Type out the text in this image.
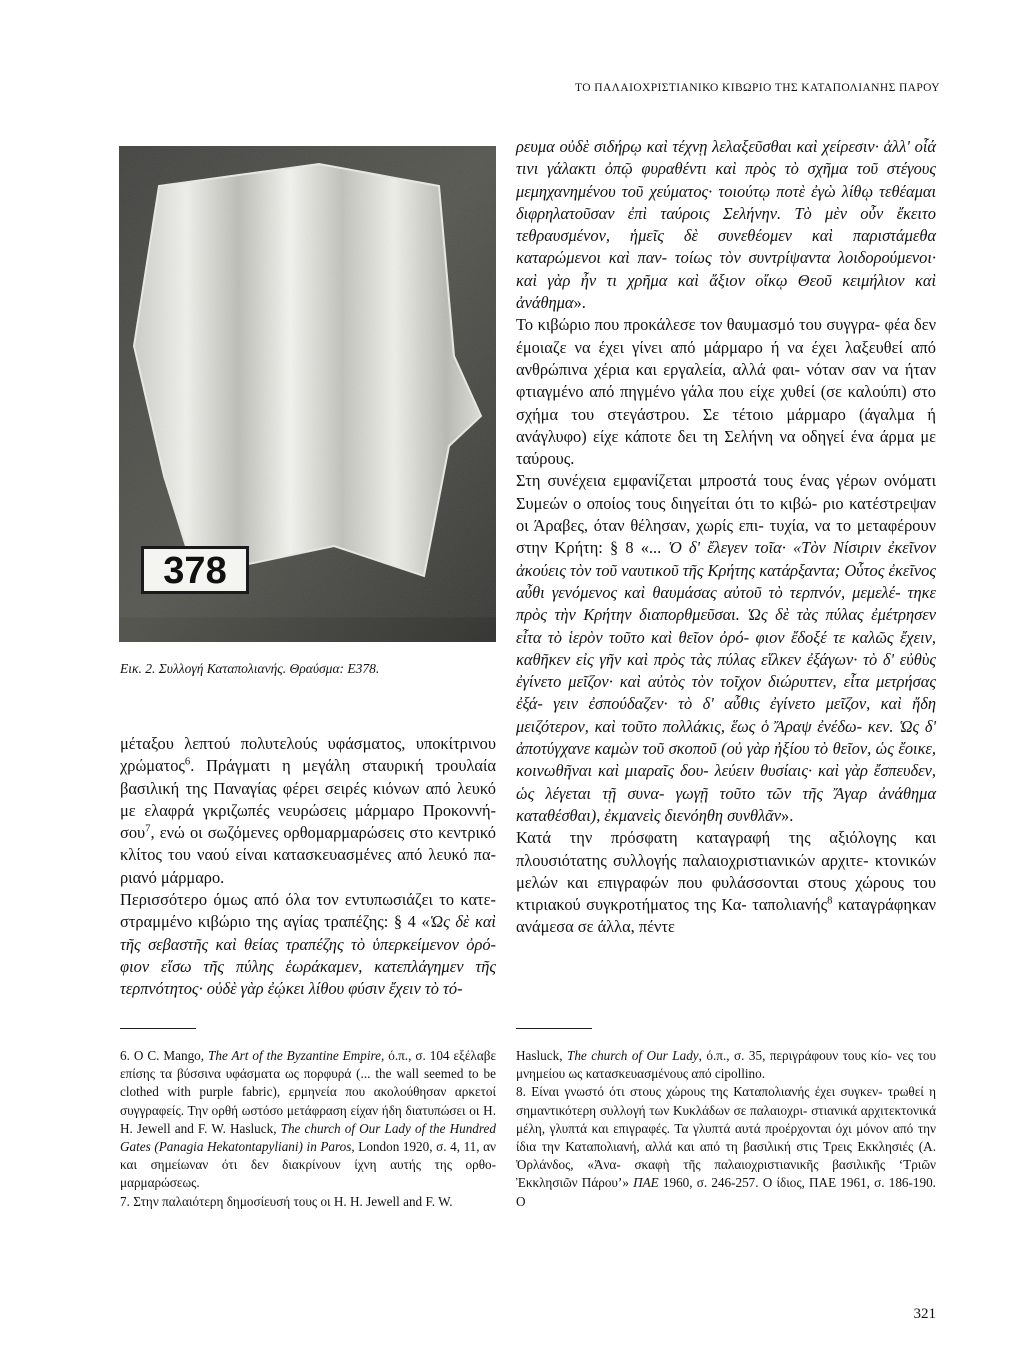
ΤΟ ΠΑΛΑΙΟΧΡΙΣΤΙΑΝΙΚΟ ΚΙΒΩΡΙΟ ΤΗΣ ΚΑΤΑΠΟΛΙΑΝΗΣ ΠΑΡΟΥ
378
Εικ. 2. Συλλογή Καταπολιανής. Θραύσμα: Ε378.

μέταξου λεπτού πολυτελούς υφάσματος, υποκίτρινου χρώματος$^6$. Πράγματι η μεγάλη σταυρική τρουλαία βασιλική της Παναγίας φέρει σειρές κιόνων από λευκό με ελαφρά γκριζωπές νευρώσεις μάρμαρο Προκοννή- σου$^7$, ενώ οι σωζόμενες ορθομαρμαρώσεις στο κεντρικό κλίτος του ναού είναι κατασκευασμένες από λευκό πα- ριανό μάρμαρο.

Περισσότερο όμως από όλα τον εντυπωσιάζει το κατε- στραμμένο κιβώριο της αγίας τραπέζης: § 4 «Ὡς δὲ καὶ τῆς σεβαστῆς καὶ θείας τραπέζης τὸ ὑπερκείμενον ὀρό- φιον εἴσω τῆς πύλης ἑωράκαμεν, κατεπλάγημεν τῆς τερπνότητος· οὐδὲ γὰρ ἐῴκει λίθου φύσιν ἔχειν τὸ τό-

ρευμα οὐδὲ σιδήρῳ καὶ τέχνῃ λελαξεῦσθαι καὶ χείρεσιν· ἀλλ' οἷά τινι γάλακτι ὀπῷ φυραθέντι καὶ πρὸς τὸ σχῆμα τοῦ στέγους μεμηχανημένου τοῦ χεύματος· τοιούτῳ ποτὲ ἐγὼ λίθῳ τεθέαμαι διφρηλατοῦσαν ἐπὶ ταύροις Σελήνην. Τὸ μὲν οὖν ἔκειτο τεθραυσμένον, ἡμεῖς δὲ συνεθέομεν καὶ παριστάμεθα καταρώμενοι καὶ παν- τοίως τὸν συντρίψαντα λοιδορούμενοι· καὶ γὰρ ἦν τι χρῆμα καὶ ἄξιον οἴκῳ Θεοῦ κειμήλιον καὶ ἀνάθημα».

Το κιβώριο που προκάλεσε τον θαυμασμό του συγγρα- φέα δεν έμοιαζε να έχει γίνει από μάρμαρο ή να έχει λαξευθεί από ανθρώπινα χέρια και εργαλεία, αλλά φαι- νόταν σαν να ήταν φτιαγμένο από πηγμένο γάλα που είχε χυθεί (σε καλούπι) στο σχήμα του στεγάστρου. Σε τέτοιο μάρμαρο (άγαλμα ή ανάγλυφο) είχε κάποτε δει τη Σελήνη να οδηγεί ένα άρμα με ταύρους.

Στη συνέχεια εμφανίζεται μπροστά τους ένας γέρων ονόματι Συμεών ο οποίος τους διηγείται ότι το κιβώ- ριο κατέστρεψαν οι Άραβες, όταν θέλησαν, χωρίς επι- τυχία, να το μεταφέρουν στην Κρήτη: § 8 «... Ὁ δ' ἔλεγεν τοῖα· «Τὸν Νίσιριν ἐκεῖνον ἀκούεις τὸν τοῦ ναυτικοῦ τῆς Κρήτης κατάρξαντα; Οὗτος ἐκεῖνος αὖθι γενόμενος καὶ θαυμάσας αὐτοῦ τὸ τερπνόν, μεμελέ- τηκε πρὸς τὴν Κρήτην διαπορθμεῦσαι. Ὡς δὲ τὰς πύλας ἐμέτρησεν εἶτα τὸ ἱερὸν τοῦτο καὶ θεῖον ὀρό- φιον ἔδοξέ τε καλῶς ἔχειν, καθῆκεν εἰς γῆν καὶ πρὸς τὰς πύλας εἵλκεν ἐξάγων· τὸ δ' εὐθὺς ἐγίνετο μεῖζον· καὶ αὐτὸς τὸν τοῖχον διώρυττεν, εἶτα μετρήσας ἐξά- γειν ἐσπούδαζεν· τὸ δ' αὖθις ἐγίνετο μεῖζον, καὶ ἤδη μειζότερον, καὶ τοῦτο πολλάκις, ἕως ὁ Ἄραψ ἐνέδω- κεν. Ὡς δ' ἀποτύγχανε καμὼν τοῦ σκοποῦ (οὐ γὰρ ἠξίου τὸ θεῖον, ὡς ἔοικε, κοινωθῆναι καὶ μιαραῖς δου- λεύειν θυσίαις· καὶ γὰρ ἔσπευδεν, ὡς λέγεται τῇ συνα- γωγῇ τοῦτο τῶν τῆς Ἄγαρ ἀνάθημα καταθέσθαι), ἐκμανεὶς διενόηθη συνθλᾶν».

Κατά την πρόσφατη καταγραφή της αξιόλογης και πλουσιότατης συλλογής παλαιοχριστιανικών αρχιτε- κτονικών μελών και επιγραφών που φυλάσσονται στους χώρους του κτιριακού συγκροτήματος της Κα- ταπολιανής$^8$ καταγράφηκαν ανάμεσα σε άλλα, πέντε

6. Ο C. Mango, The Art of the Byzantine Empire, ό.π., σ. 104 εξέλαβε επίσης τα βύσσινα υφάσματα ως πορφυρά (... the wall seemed to be clothed with purple fabric), ερμηνεία που ακολούθησαν αρκετοί συγγραφείς. Την ορθή ωστόσο μετάφραση είχαν ήδη διατυπώσει οι H. H. Jewell and F. W. Hasluck, The church of Our Lady of the Hundred Gates (Panagia Hekatontapyliani) in Paros, London 1920, σ. 4, 11, αν και σημείωναν ότι δεν διακρίνουν ίχνη αυτής της ορθο- μαρμαρώσεως.

7. Στην παλαιότερη δημοσίευσή τους οι H. H. Jewell and F. W.

Hasluck, The church of Our Lady, ό.π., σ. 35, περιγράφουν τους κίο- νες του μνημείου ως κατασκευασμένους από cipollino.

8. Είναι γνωστό ότι στους χώρους της Καταπολιανής έχει συγκεν- τρωθεί η σημαντικότερη συλλογή των Κυκλάδων σε παλαιοχρι- στιανικά αρχιτεκτονικά μέλη, γλυπτά και επιγραφές. Τα γλυπτά αυτά προέρχονται όχι μόνον από την ίδια την Καταπολιανή, αλλά και από τη βασιλική στις Τρεις Εκκλησιές (Α. Ὀρλάνδος, «Ἀνα- σκαφὴ τῆς παλαιοχριστιανικῆς βασιλικῆς ‘Τριῶν Ἐκκλησιῶν Πάρου’» ΠΑΕ 1960, σ. 246-257. Ο ίδιος, ΠΑΕ 1961, σ. 186-190. Ο

321
